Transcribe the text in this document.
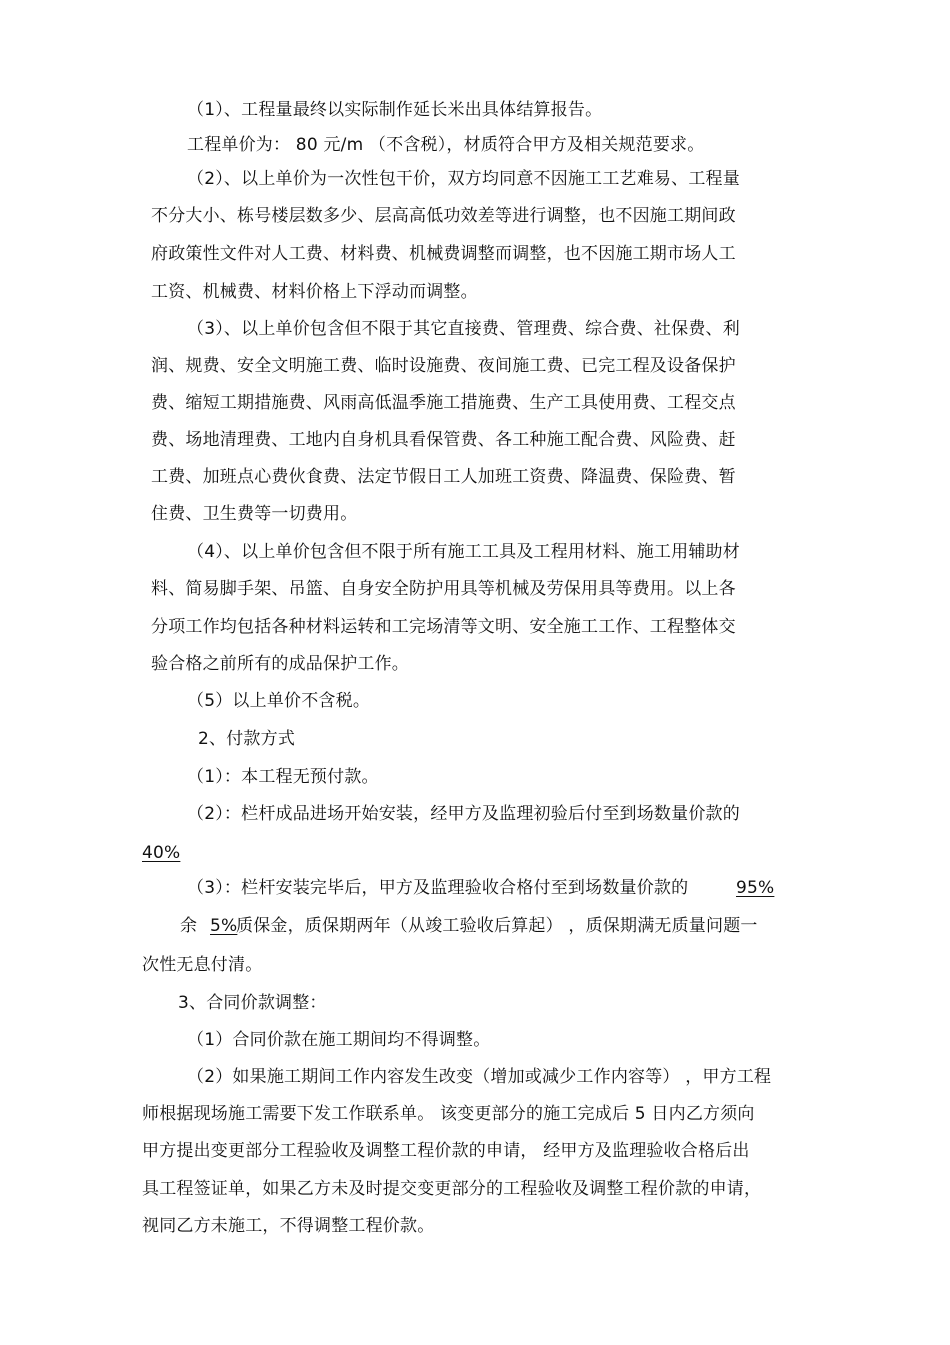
（1）、工程量最终以实际制作延长米出具体结算报告。
工程单价为： 80 元/m （不含税），材质符合甲方及相关规范要求。
（2）、以上单价为一次性包干价，双方均同意不因施工工艺难易、工程量
不分大小、栋号楼层数多少、层高高低功效差等进行调整，也不因施工期间政
府政策性文件对人工费、材料费、机械费调整而调整，也不因施工期市场人工
工资、机械费、材料价格上下浮动而调整。
（3）、以上单价包含但不限于其它直接费、管理费、综合费、社保费、利
润、规费、安全文明施工费、临时设施费、夜间施工费、已完工程及设备保护
费、缩短工期措施费、风雨高低温季施工措施费、生产工具使用费、工程交点
费、场地清理费、工地内自身机具看保管费、各工种施工配合费、风险费、赶
工费、加班点心费伙食费、法定节假日工人加班工资费、降温费、保险费、暂
住费、卫生费等一切费用。
（4）、以上单价包含但不限于所有施工工具及工程用材料、施工用辅助材
料、简易脚手架、吊篮、自身安全防护用具等机械及劳保用具等费用。以上各
分项工作均包括各种材料运转和工完场清等文明、安全施工工作、工程整体交
验合格之前所有的成品保护工作。
（5）以上单价不含税。
2、付款方式
（1）：本工程无预付款。
（2）：栏杆成品进场开始安装，经甲方及监理初验后付至到场数量价款的
40%
（3）：栏杆安装完毕后，甲方及监理验收合格付至到场数量价款的	95%
余 5%
质保金，质保期两年（从竣工验收后算起） ，质保期满无质量问题一
次性无息付清。
3、合同价款调整：
（1）合同价款在施工期间均不得调整。
（2）如果施工期间工作内容发生改变（增加或减少工作内容等） ，甲方工程
师根据现场施工需要下发工作联系单。 该变更部分的施工完成后 5 日内乙方须向
甲方提出变更部分工程验收及调整工程价款的申请， 经甲方及监理验收合格后出
具工程签证单，如果乙方未及时提交变更部分的工程验收及调整工程价款的申请，
视同乙方未施工，不得调整工程价款。
